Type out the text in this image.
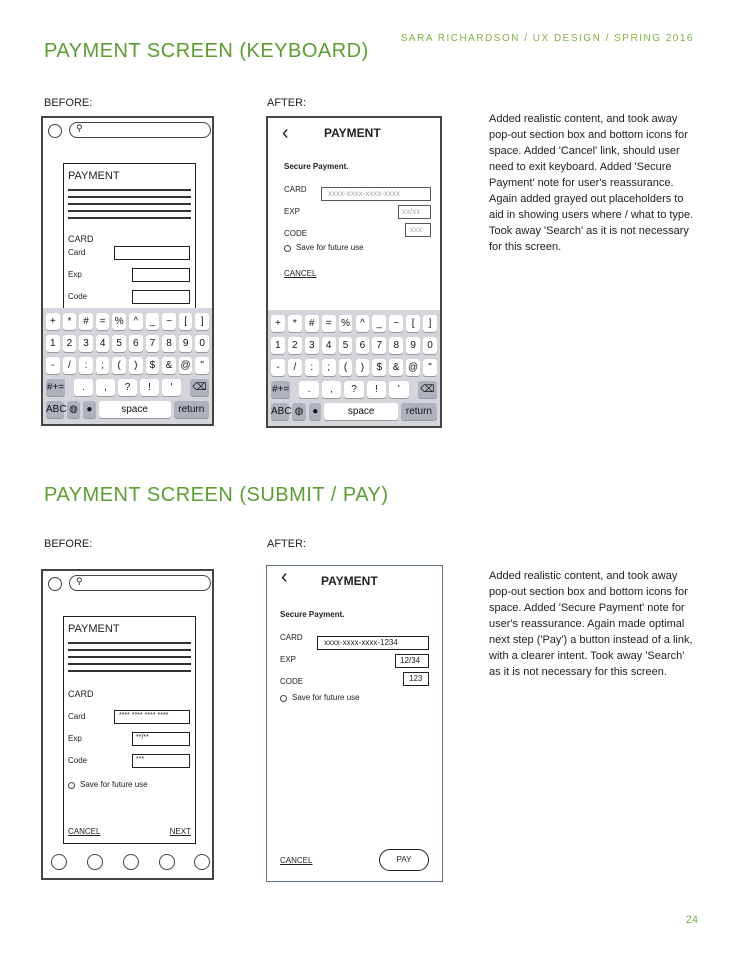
SARA RICHARDSON / UX DESIGN / SPRING 2016
PAYMENT SCREEN (KEYBOARD)
BEFORE:	AFTER:
⚲
PAYMENT
CARD
Card
Exp
Code
+	*	#	= % ^	_	~	[	]
1	2	3	4	5	6	7	8	9	0
-	/	:	;	(	)	$	& @ "
#+=	.	,	?	!	'	⌫
ABC ◍ ●	space	return
‹	PAYMENT
Secure Payment.
CARD	xxxx-xxxx-xxxx-xxxx
EXP	xx/xx
CODE	xxx
Save for future use
CANCEL
+	*	#	= %	^	_	~	[	]
1	2	3	4	5	6	7	8	9	0
-	/	:	;	(	)	$	& @	"
#+=	.	,	?	!	'	⌫
ABC ◍ ●	space	return
Added realistic content, and took away pop-out section box and bottom icons for space. Added 'Cancel' link, should user need to exit keyboard. Added 'Secure Payment' note for user's reassurance. Again added grayed out placeholders to aid in showing users where / what to type. Took away 'Search' as it is not necessary for this screen.
PAYMENT SCREEN (SUBMIT / PAY)
BEFORE:	AFTER:
⚲
PAYMENT
CARD
Card	**** **** **** ****
Exp	**/**
Code	***
Save for future use
CANCEL	NEXT
‹	PAYMENT
Secure Payment.
CARD
xxxx-xxxx-xxxx-1234
EXP	12/34
CODE	123
Save for future use
CANCEL	PAY
Added realistic content, and took away pop-out section box and bottom icons for space. Added 'Secure Payment' note for user's reassurance. Again made optimal next step ('Pay') a button instead of a link, with a clearer intent. Took away 'Search' as it is not necessary for this screen.
24
